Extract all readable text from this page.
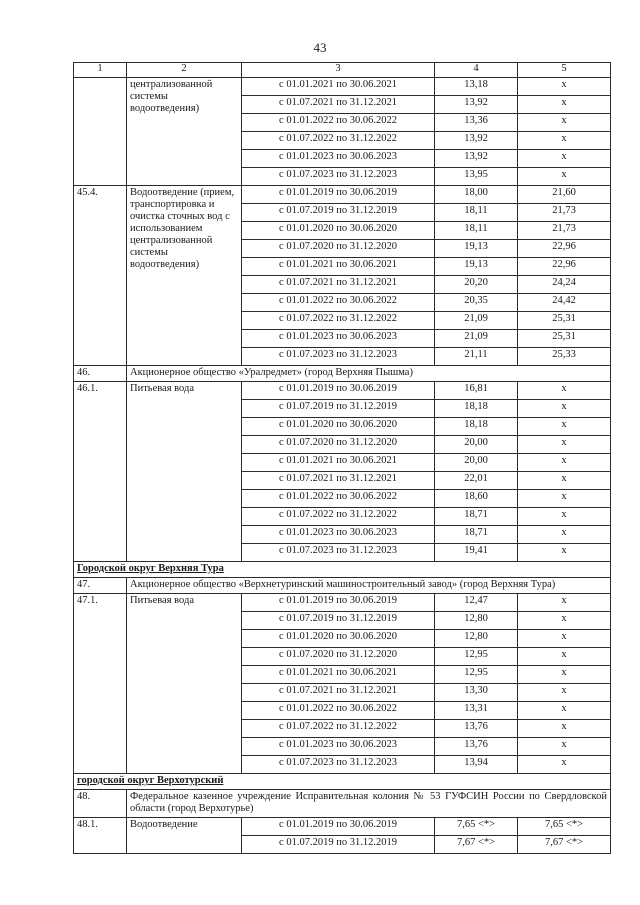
43
1	2	3	4	5
	централизованной системы водоотведения)	с 01.01.2021 по 30.06.2021	13,18	x
		с 01.07.2021 по 31.12.2021	13,92	x
		с 01.01.2022 по 30.06.2022	13,36	x
		с 01.07.2022 по 31.12.2022	13,92	x
		с 01.01.2023 по 30.06.2023	13,92	x
		с 01.07.2023 по 31.12.2023	13,95	x
45.4.	Водоотведение (прием, транспортировка и очистка сточных вод с использованием централизованной системы водоотведения)	с 01.01.2019 по 30.06.2019	18,00	21,60
		с 01.07.2019 по 31.12.2019	18,11	21,73
		с 01.01.2020 по 30.06.2020	18,11	21,73
		с 01.07.2020 по 31.12.2020	19,13	22,96
		с 01.01.2021 по 30.06.2021	19,13	22,96
		с 01.07.2021 по 31.12.2021	20,20	24,24
		с 01.01.2022 по 30.06.2022	20,35	24,42
		с 01.07.2022 по 31.12.2022	21,09	25,31
		с 01.01.2023 по 30.06.2023	21,09	25,31
		с 01.07.2023 по 31.12.2023	21,11	25,33
46.	Акционерное общество «Уралредмет» (город Верхняя Пышма)			
46.1.	Питьевая вода	с 01.01.2019 по 30.06.2019	16,81	x
		с 01.07.2019 по 31.12.2019	18,18	x
		с 01.01.2020 по 30.06.2020	18,18	x
		с 01.07.2020 по 31.12.2020	20,00	x
		с 01.01.2021 по 30.06.2021	20,00	x
		с 01.07.2021 по 31.12.2021	22,01	x
		с 01.01.2022 по 30.06.2022	18,60	x
		с 01.07.2022 по 31.12.2022	18,71	x
		с 01.01.2023 по 30.06.2023	18,71	x
		с 01.07.2023 по 31.12.2023	19,41	x
Городской округ Верхняя Тура				
47.	Акционерное общество «Верхнетуринский машиностроительный завод» (город Верхняя Тура)			
47.1.	Питьевая вода	с 01.01.2019 по 30.06.2019	12,47	x
		с 01.07.2019 по 31.12.2019	12,80	x
		с 01.01.2020 по 30.06.2020	12,80	x
		с 01.07.2020 по 31.12.2020	12,95	x
		с 01.01.2021 по 30.06.2021	12,95	x
		с 01.07.2021 по 31.12.2021	13,30	x
		с 01.01.2022 по 30.06.2022	13,31	x
		с 01.07.2022 по 31.12.2022	13,76	x
		с 01.01.2023 по 30.06.2023	13,76	x
		с 01.07.2023 по 31.12.2023	13,94	x
городской округ Верхотурский				
48.	Федеральное казенное учреждение Исправительная колония № 53 ГУФСИН России по Свердловской области (город Верхотурье)			
48.1.	Водоотведение	с 01.01.2019 по 30.06.2019	7,65 <*>	7,65 <*>
		с 01.07.2019 по 31.12.2019	7,67 <*>	7,67 <*>
